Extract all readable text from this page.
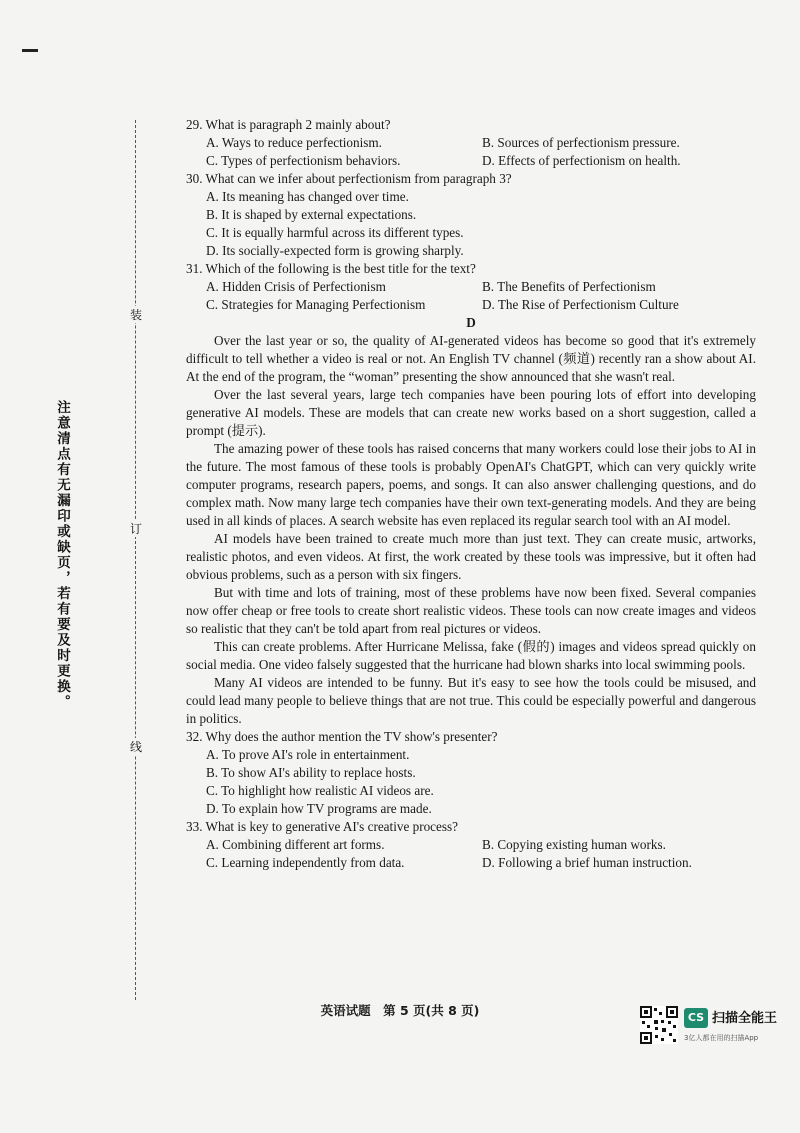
注意清点有无漏印或缺页，若有要及时更换。
装
订
线

29. What is paragraph 2 mainly about?

A. Ways to reduce perfectionism.	B. Sources of perfectionism pressure.
C. Types of perfectionism behaviors.	D. Effects of perfectionism on health.

30. What can we infer about perfectionism from paragraph 3?

A. Its meaning has changed over time.

B. It is shaped by external expectations.

C. It is equally harmful across its different types.

D. Its socially-expected form is growing sharply.

31. Which of the following is the best title for the text?

A. Hidden Crisis of Perfectionism	B. The Benefits of Perfectionism
C. Strategies for Managing Perfectionism	D. The Rise of Perfectionism Culture

D

Over the last year or so, the quality of AI-generated videos has become so good that it's extremely difficult to tell whether a video is real or not. An English TV channel (频道) recently ran a show about AI. At the end of the program, the “woman” presenting the show announced that she wasn't real.

Over the last several years, large tech companies have been pouring lots of effort into developing generative AI models. These are models that can create new works based on a short suggestion, called a prompt (提示).

The amazing power of these tools has raised concerns that many workers could lose their jobs to AI in the future. The most famous of these tools is probably OpenAI's ChatGPT, which can very quickly write computer programs, research papers, poems, and songs. It can also answer challenging questions, and do complex math. Now many large tech companies have their own text-generating models. And they are being used in all kinds of places. A search website has even replaced its regular search tool with an AI model.

AI models have been trained to create much more than just text. They can create music, artworks, realistic photos, and even videos. At first, the work created by these tools was impressive, but it often had obvious problems, such as a person with six fingers.

But with time and lots of training, most of these problems have now been fixed. Several companies now offer cheap or free tools to create short realistic videos. These tools can now create images and videos so realistic that they can't be told apart from real pictures or videos.

This can create problems. After Hurricane Melissa, fake (假的) images and videos spread quickly on social media. One video falsely suggested that the hurricane had blown sharks into local swimming pools.

Many AI videos are intended to be funny. But it's easy to see how the tools could be misused, and could lead many people to believe things that are not true. This could be especially powerful and dangerous in politics.

32. Why does the author mention the TV show's presenter?

A. To prove AI's role in entertainment.

B. To show AI's ability to replace hosts.

C. To highlight how realistic AI videos are.

D. To explain how TV programs are made.

33. What is key to generative AI's creative process?

A. Combining different art forms.	B. Copying existing human works.
C. Learning independently from data.	D. Following a brief human instruction.
英语试题　第 5 页(共 8 页)	CS 扫描全能王
3亿人都在用的扫描App
